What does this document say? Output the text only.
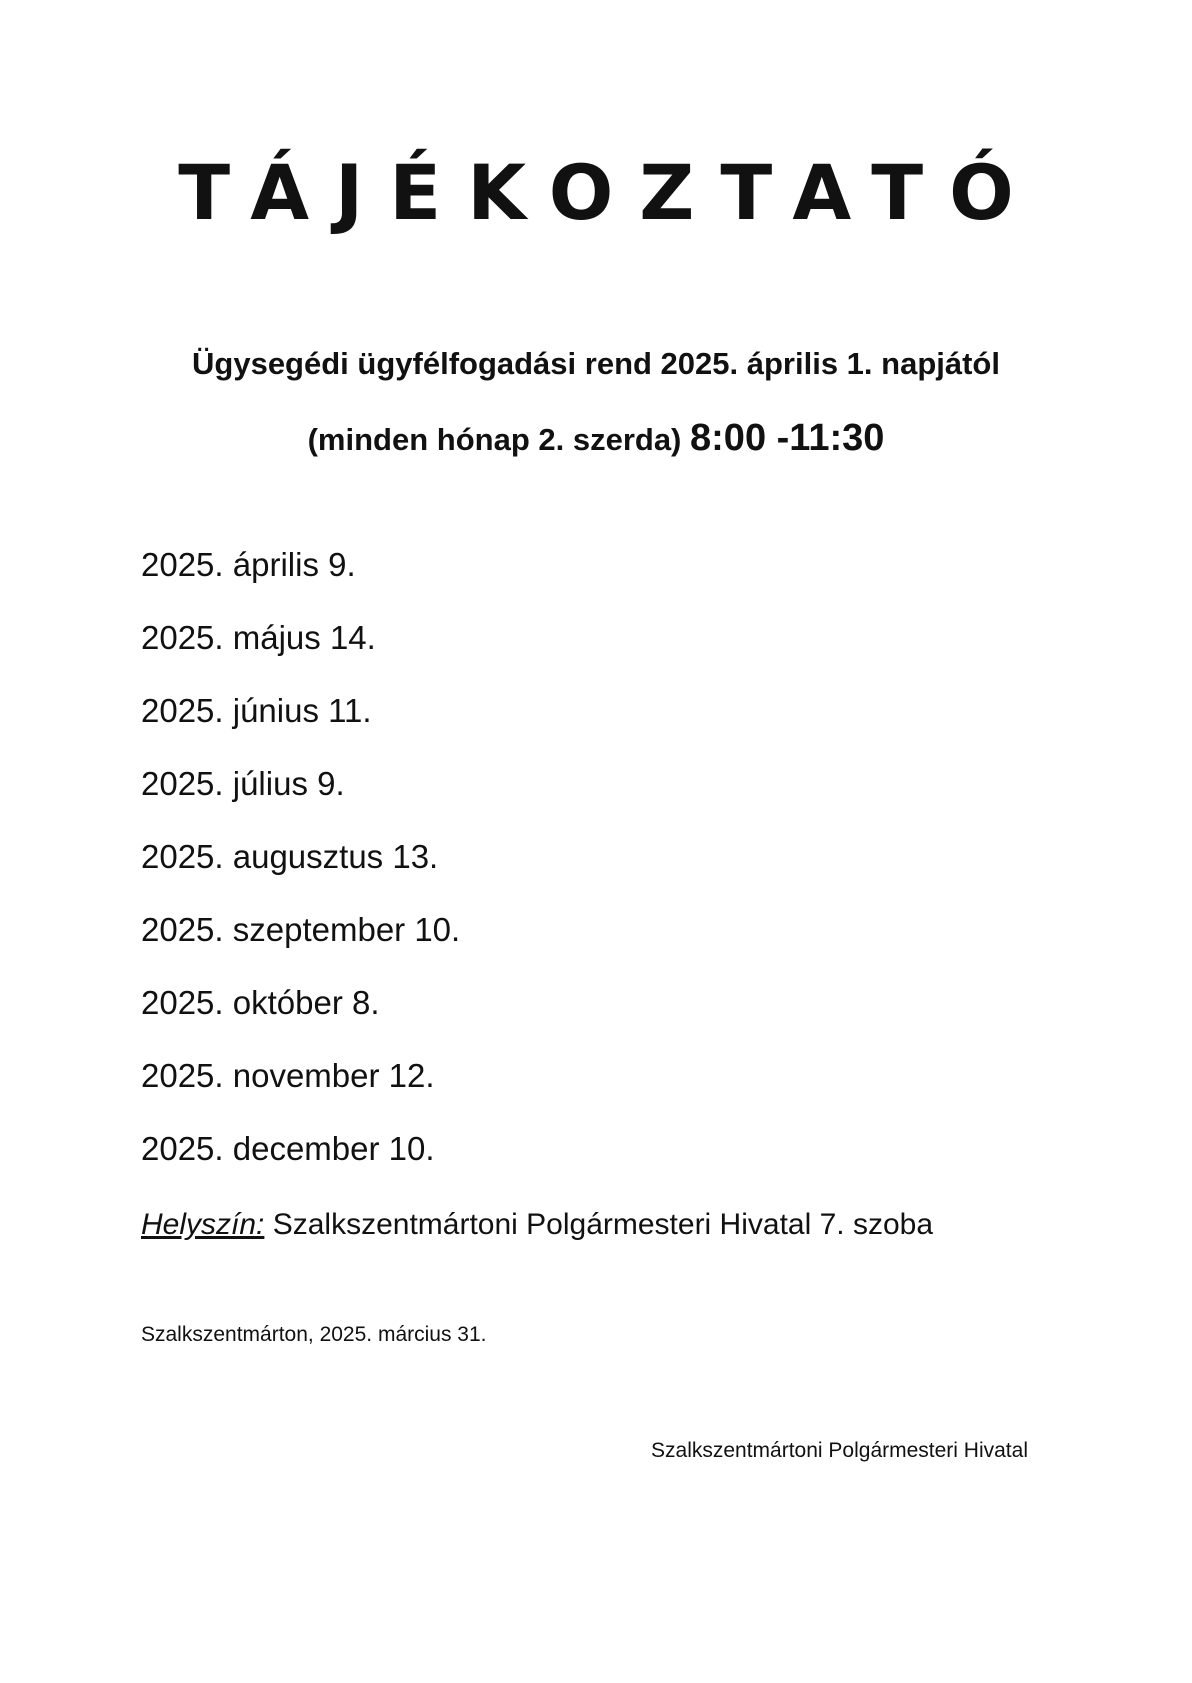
TÁJÉKOZTATÓ

Ügysegédi ügyfélfogadási rend 2025. április 1. napjától

(minden hónap 2. szerda) 8:00 -11:30

2025. április 9.
2025. május 14.
2025. június 11.
2025. július 9.
2025. augusztus 13.
2025. szeptember 10.
2025. október 8.
2025. november 12.
2025. december 10.

Helyszín: Szalkszentmártoni Polgármesteri Hivatal 7. szoba

Szalkszentmárton, 2025. március 31.

Szalkszentmártoni Polgármesteri Hivatal
